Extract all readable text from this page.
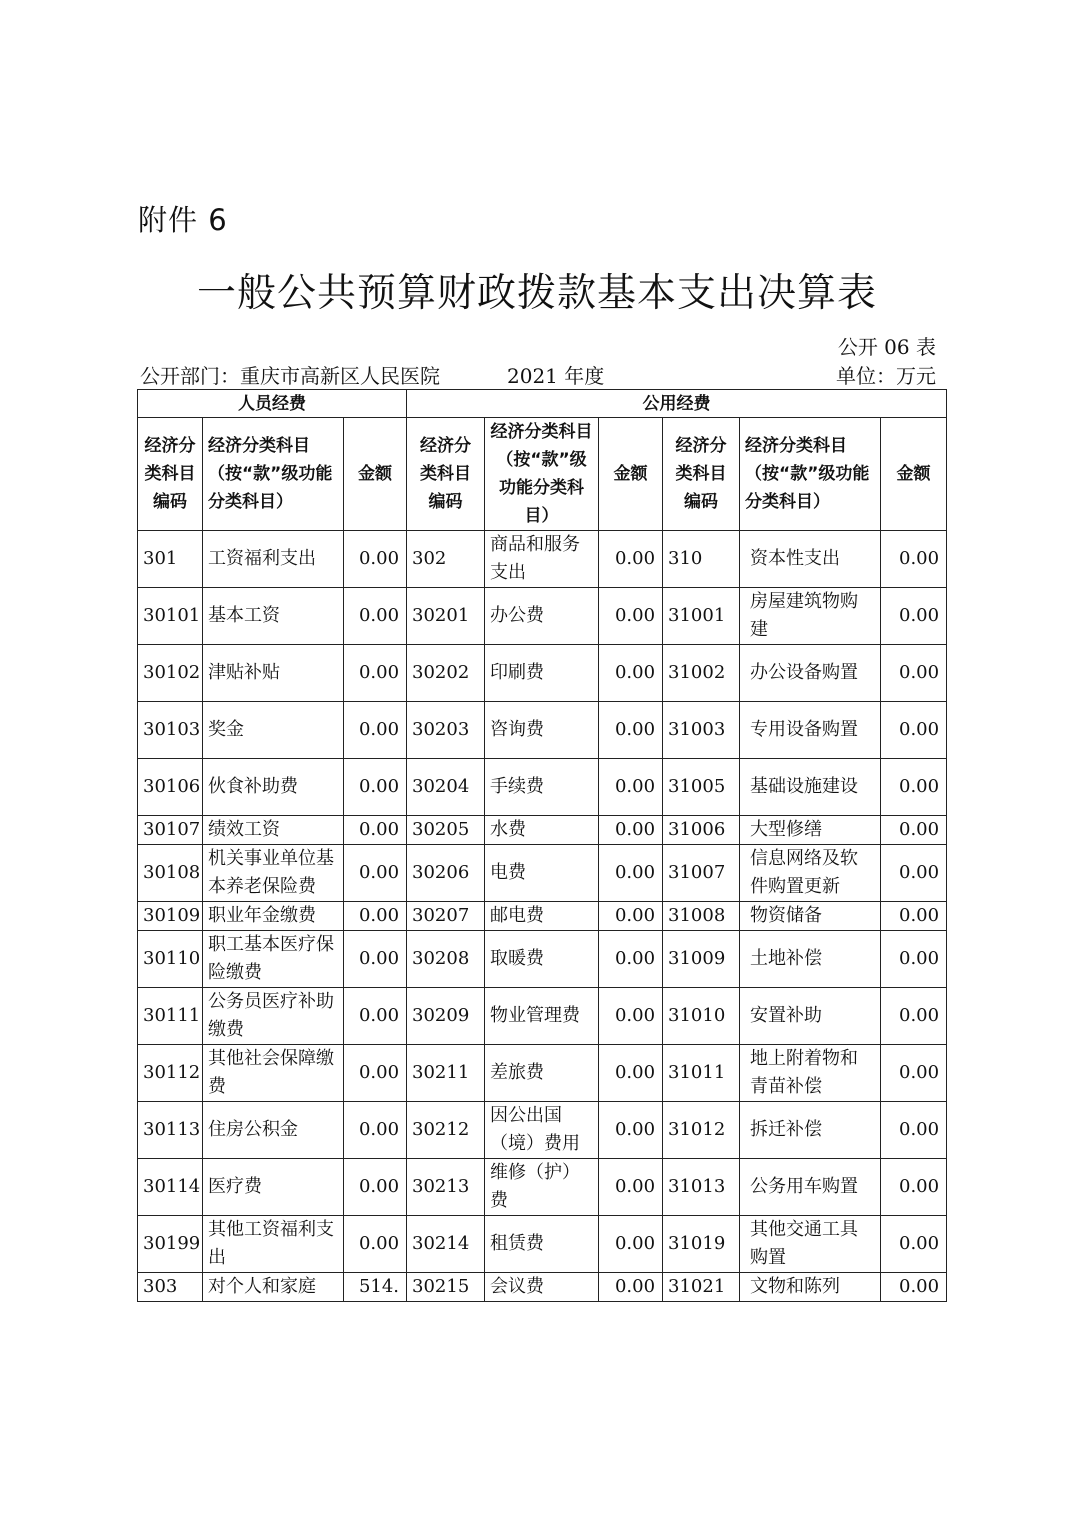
附件 6
一般公共预算财政拨款基本支出决算表
公开 06 表
公开部门：重庆市高新区人民医院	2021 年度	单位：万元
人员经费			公用经费					
经济分类科目编码	经济分类科目（按“款”级功能分类科目）	金额	经济分类科目编码	经济分类科目（按“款”级功能分类科目）	金额	经济分类科目编码	经济分类科目（按“款”级功能分类科目）	金额
301	工资福利支出	0.00	302	商品和服务支出	0.00	310	资本性支出	0.00
30101	基本工资	0.00	30201	办公费	0.00	31001	房屋建筑物购建	0.00
30102	津贴补贴	0.00	30202	印刷费	0.00	31002	办公设备购置	0.00
30103	奖金	0.00	30203	咨询费	0.00	31003	专用设备购置	0.00
30106	伙食补助费	0.00	30204	手续费	0.00	31005	基础设施建设	0.00
30107	绩效工资	0.00	30205	水费	0.00	31006	大型修缮	0.00
30108	机关事业单位基本养老保险费	0.00	30206	电费	0.00	31007	信息网络及软件购置更新	0.00
30109	职业年金缴费	0.00	30207	邮电费	0.00	31008	物资储备	0.00
30110	职工基本医疗保险缴费	0.00	30208	取暖费	0.00	31009	土地补偿	0.00
30111	公务员医疗补助缴费	0.00	30209	物业管理费	0.00	31010	安置补助	0.00
30112	其他社会保障缴费	0.00	30211	差旅费	0.00	31011	地上附着物和青苗补偿	0.00
30113	住房公积金	0.00	30212	因公出国（境）费用	0.00	31012	拆迁补偿	0.00
30114	医疗费	0.00	30213	维修（护）费	0.00	31013	公务用车购置	0.00
30199	其他工资福利支出	0.00	30214	租赁费	0.00	31019	其他交通工具购置	0.00
303	对个人和家庭	514.	30215	会议费	0.00	31021	文物和陈列	0.00
